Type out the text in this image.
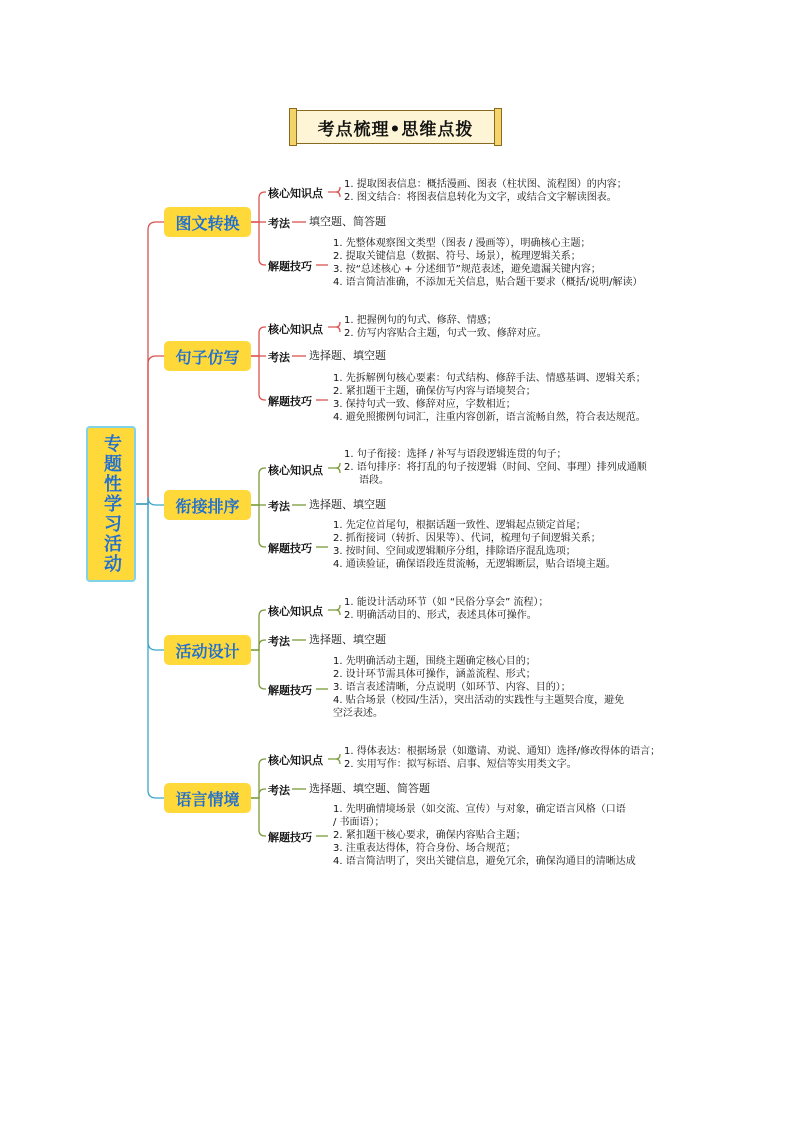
考点梳理•思维点拨
专题性学习活动
图文转换
核心知识点
1. 提取图表信息：概括漫画、图表（柱状图、流程图）的内容；
2. 图文结合：将图表信息转化为文字，或结合文字解读图表。
考法 填空题、简答题
解题技巧
1. 先整体观察图文类型（图表 / 漫画等），明确核心主题；
2. 提取关键信息（数据、符号、场景），梳理逻辑关系；
3. 按“总述核心 + 分述细节”规范表述，避免遗漏关键内容；
4. 语言简洁准确，不添加无关信息，贴合题干要求（概括/说明/解读）
句子仿写
核心知识点
1. 把握例句的句式、修辞、情感；
2. 仿写内容贴合主题，句式一致、修辞对应。
考法 选择题、填空题
解题技巧
1. 先拆解例句核心要素：句式结构、修辞手法、情感基调、逻辑关系；
2. 紧扣题干主题，确保仿写内容与语境契合；
3. 保持句式一致、修辞对应，字数相近；
4. 避免照搬例句词汇，注重内容创新，语言流畅自然，符合表达规范。
衔接排序
核心知识点
1. 句子衔接：选择 / 补写与语段逻辑连贯的句子；
2. 语句排序：将打乱的句子按逻辑（时间、空间、事理）排列成通顺
语段。
考法 选择题、填空题
解题技巧
1. 先定位首尾句，根据话题一致性、逻辑起点锁定首尾；
2. 抓衔接词（转折、因果等）、代词，梳理句子间逻辑关系；
3. 按时间、空间或逻辑顺序分组，排除语序混乱选项；
4. 通读验证，确保语段连贯流畅，无逻辑断层，贴合语境主题。
活动设计
核心知识点
1. 能设计活动环节（如 “民俗分享会” 流程）；
2. 明确活动目的、形式，表述具体可操作。
考法 选择题、填空题
解题技巧
1. 先明确活动主题，围绕主题确定核心目的；
2. 设计环节需具体可操作，涵盖流程、形式；
3. 语言表述清晰，分点说明（如环节、内容、目的）；
4. 贴合场景（校园/生活），突出活动的实践性与主题契合度，避免
空泛表述。
语言情境
核心知识点
1. 得体表达：根据场景（如邀请、劝说、通知）选择/修改得体的语言；
2. 实用写作：拟写标语、启事、短信等实用类文字。
考法 选择题、填空题、简答题
解题技巧
1. 先明确情境场景（如交流、宣传）与对象，确定语言风格（口语
/ 书面语）；
2. 紧扣题干核心要求，确保内容贴合主题；
3. 注重表达得体，符合身份、场合规范；
4. 语言简洁明了，突出关键信息，避免冗余，确保沟通目的清晰达成
